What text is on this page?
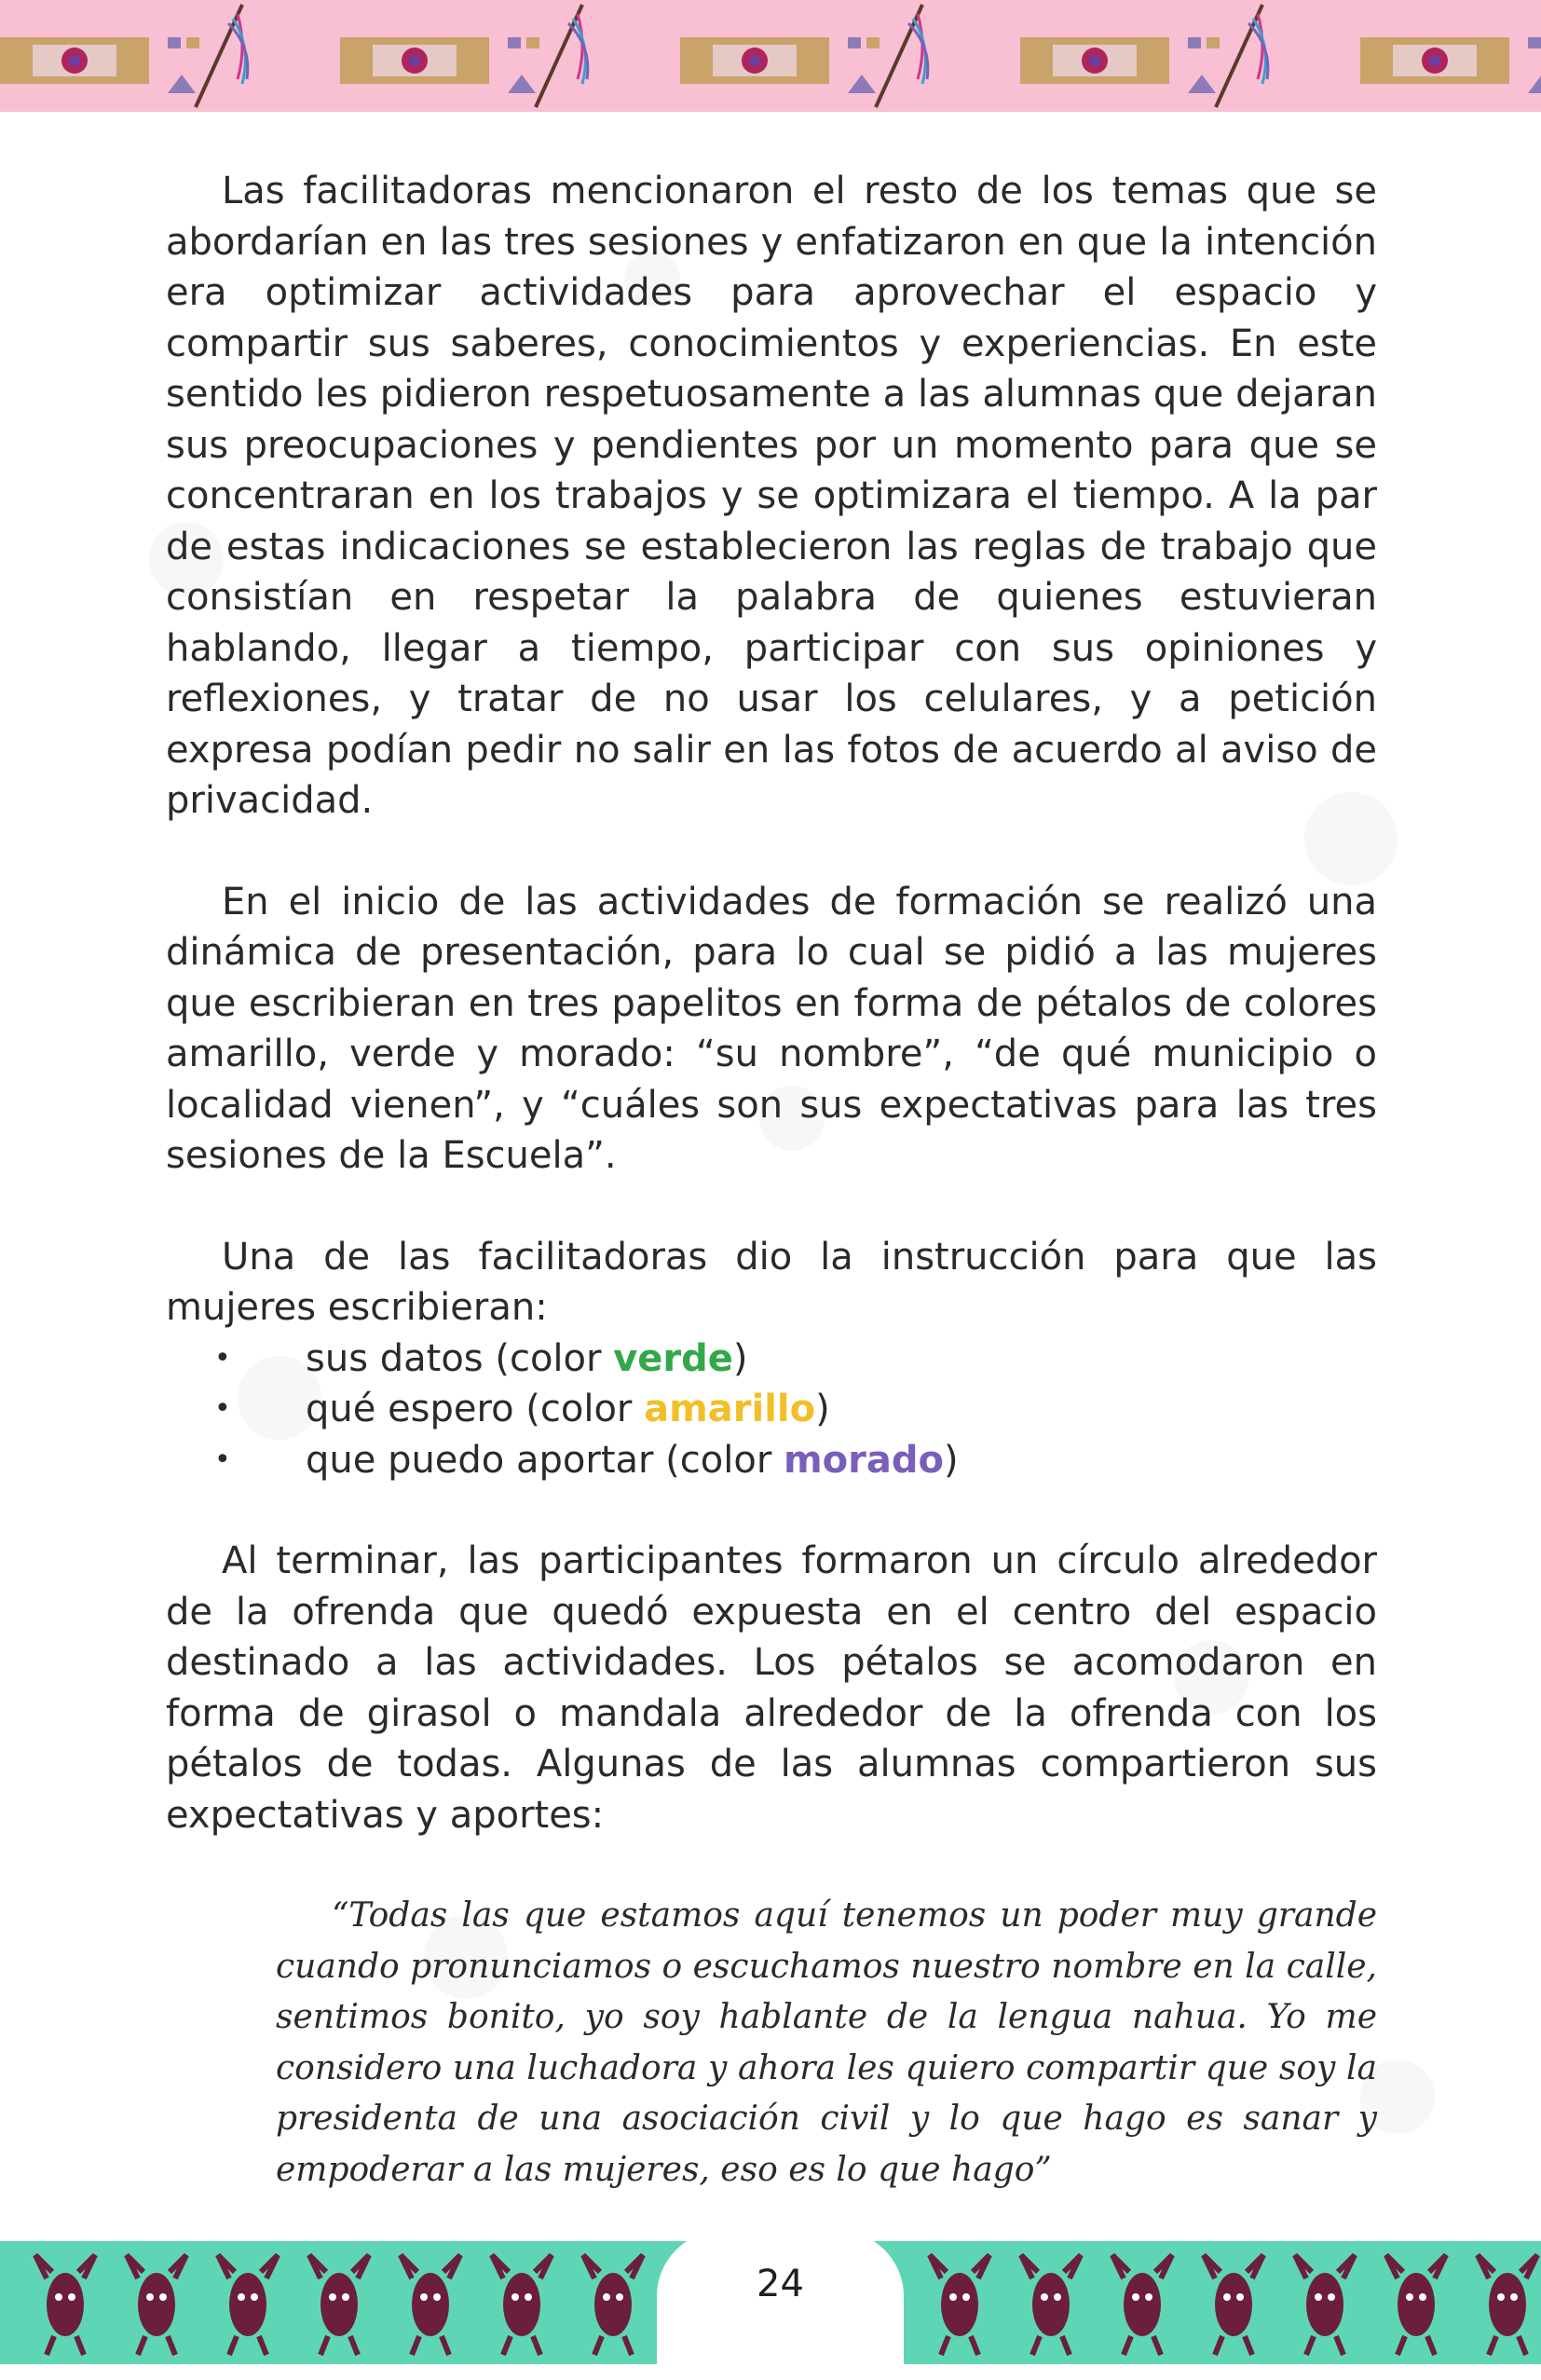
24

Las facilitadoras mencionaron el resto de los temas que se abordarían en las tres sesiones y enfatizaron en que la intención era optimizar actividades para aprovechar el espacio y compartir sus saberes, conocimientos y experiencias. En este sentido les pidieron respetuosamente a las alumnas que dejaran sus preocupaciones y pendientes por un momento para que se concentraran en los trabajos y se optimizara el tiempo. A la par de estas indicaciones se establecieron las reglas de trabajo que consistían en respetar la palabra de quienes estuvieran hablando, llegar a tiempo, participar con sus opiniones y reflexiones, y tratar de no usar los celulares, y a petición expresa podían pedir no salir en las fotos de acuerdo al aviso de privacidad.

En el inicio de las actividades de formación se realizó una dinámica de presentación, para lo cual se pidió a las mujeres que escribieran en tres papelitos en forma de pétalos de colores amarillo, verde y morado: “su nombre”, “de qué municipio o localidad vienen”, y “cuáles son sus expectativas para las tres sesiones de la Escuela”.

Una de las facilitadoras dio la instrucción para que las mujeres escribieran:

• sus datos (color verde)
• qué espero (color amarillo)
• que puedo aportar (color morado)

Al terminar, las participantes formaron un círculo alrededor de la ofrenda que quedó expuesta en el centro del espacio destinado a las actividades. Los pétalos se acomodaron en forma de girasol o mandala alrededor de la ofrenda con los pétalos de todas. Algunas de las alumnas compartieron sus expectativas y aportes:

“Todas las que estamos aquí tenemos un poder muy grande cuando pronunciamos o escuchamos nuestro nombre en la calle, sentimos bonito, yo soy hablante de la lengua nahua. Yo me considero una luchadora y ahora les quiero compartir que soy la presidenta de una asociación civil y lo que hago es sanar y empoderar a las mujeres, eso es lo que hago”
